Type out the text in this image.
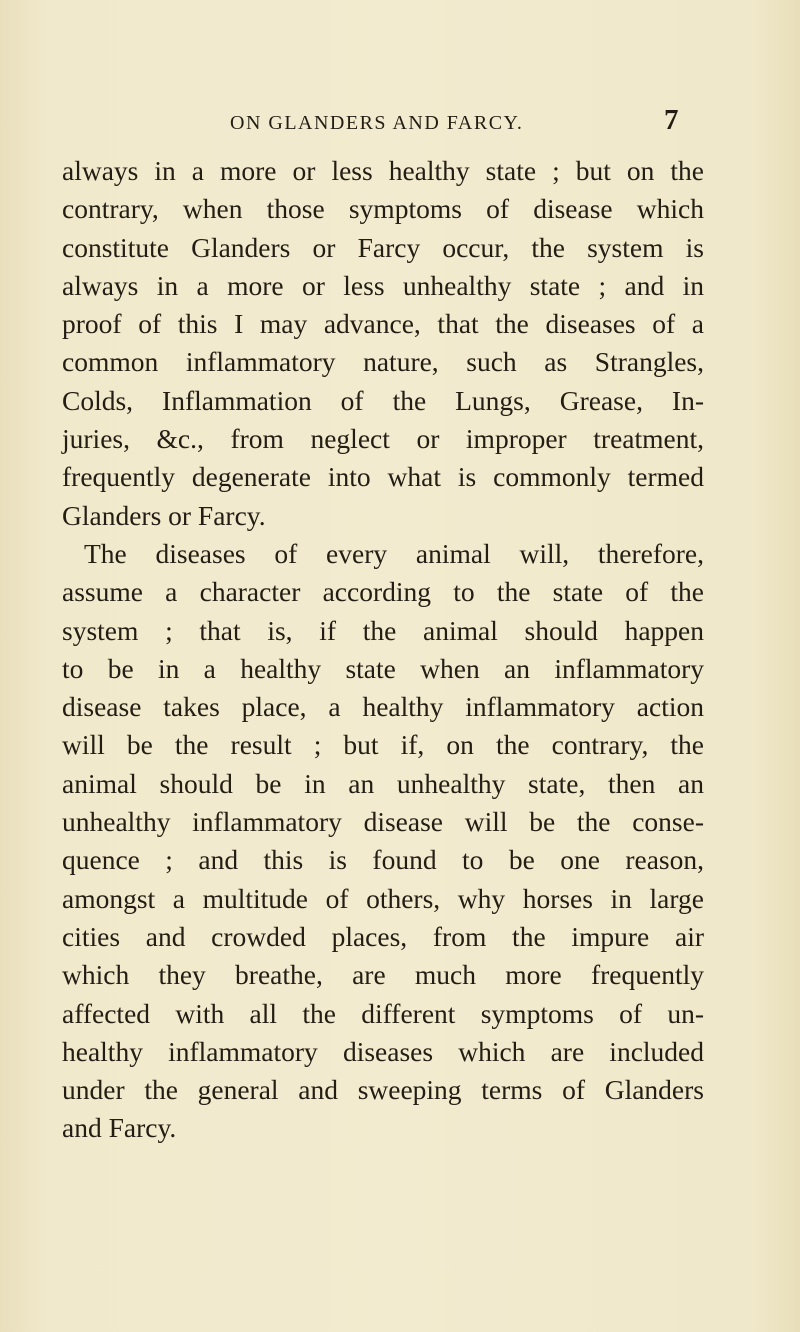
ON GLANDERS AND FARCY.	7
always in a more or less healthy state ; but on the
contrary, when those symptoms of disease which
constitute Glanders or Farcy occur, the system is
always in a more or less unhealthy state ; and in
proof of this I may advance, that the diseases of a
common inflammatory nature, such as Strangles,
Colds, Inflammation of the Lungs, Grease, In-
juries, &c., from neglect or improper treatment,
frequently degenerate into what is commonly termed
Glanders or Farcy.
The diseases of every animal will, therefore,
assume a character according to the state of the
system ; that is, if the animal should happen
to be in a healthy state when an inflammatory
disease takes place, a healthy inflammatory action
will be the result ; but if, on the contrary, the
animal should be in an unhealthy state, then an
unhealthy inflammatory disease will be the conse-
quence ; and this is found to be one reason,
amongst a multitude of others, why horses in large
cities and crowded places, from the impure air
which they breathe, are much more frequently
affected with all the different symptoms of un-
healthy inflammatory diseases which are included
under the general and sweeping terms of Glanders
and Farcy.
